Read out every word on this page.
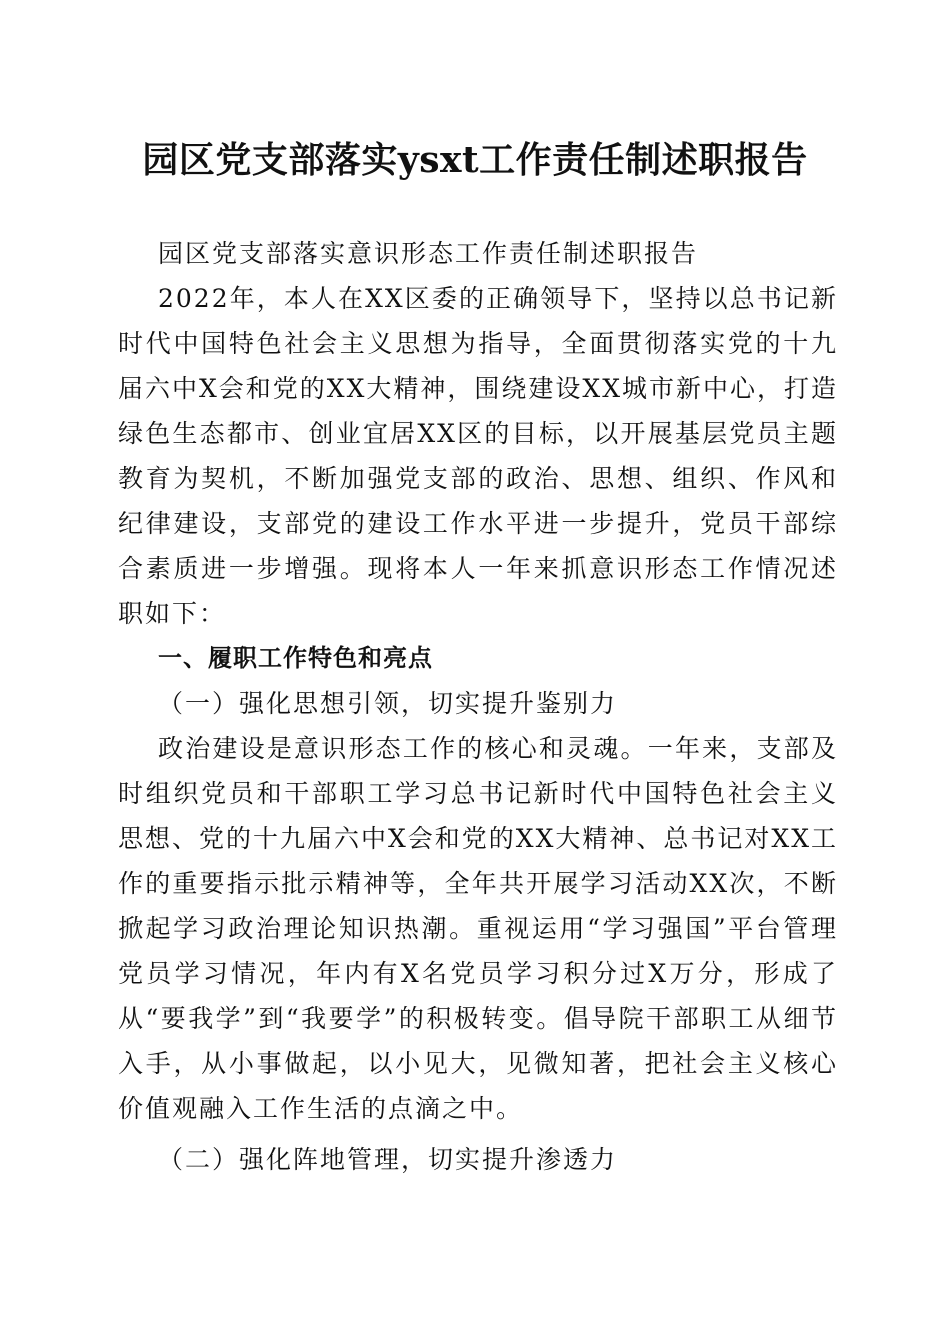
园区党支部落实ysxt工作责任制述职报告

园区党支部落实意识形态工作责任制述职报告

2022年，本人在XX区委的正确领导下，坚持以总书记新时代中国特色社会主义思想为指导，全面贯彻落实党的十九届六中X会和党的XX大精神，围绕建设XX城市新中心，打造绿色生态都市、创业宜居XX区的目标，以开展基层党员主题教育为契机，不断加强党支部的政治、思想、组织、作风和纪律建设，支部党的建设工作水平进一步提升，党员干部综合素质进一步增强。现将本人一年来抓意识形态工作情况述职如下：

一、履职工作特色和亮点

（一）强化思想引领，切实提升鉴别力

政治建设是意识形态工作的核心和灵魂。一年来，支部及时组织党员和干部职工学习总书记新时代中国特色社会主义思想、党的十九届六中X会和党的XX大精神、总书记对XX工作的重要指示批示精神等，全年共开展学习活动XX次，不断掀起学习政治理论知识热潮。重视运用“学习强国”平台管理党员学习情况，年内有X名党员学习积分过X万分，形成了从“要我学”到“我要学”的积极转变。倡导院干部职工从细节入手，从小事做起，以小见大，见微知著，把社会主义核心价值观融入工作生活的点滴之中。

（二）强化阵地管理，切实提升渗透力
